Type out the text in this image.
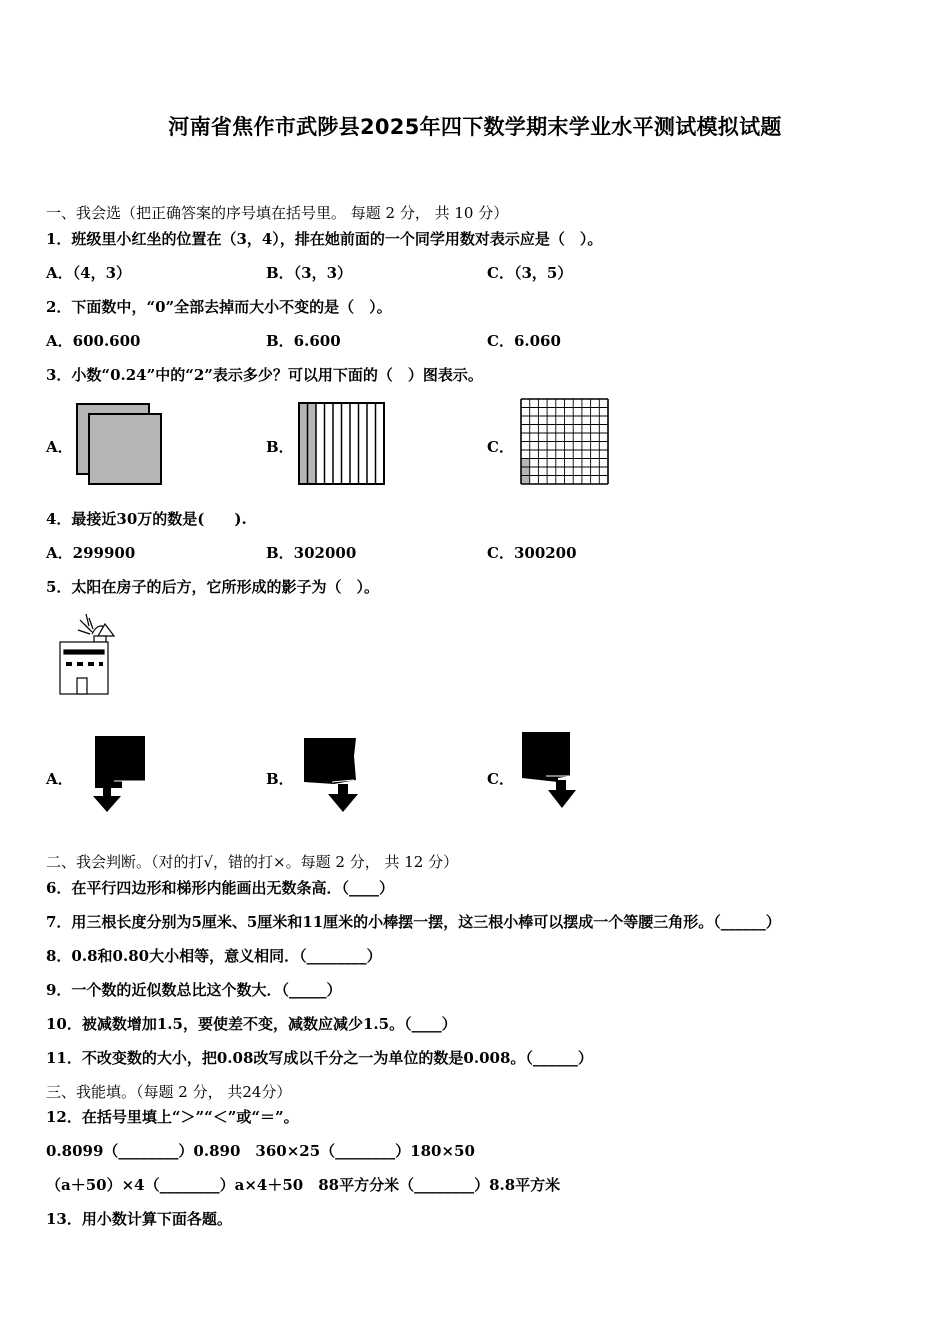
河南省焦作市武陟县2025年四下数学期末学业水平测试模拟试题
一、我会选（把正确答案的序号填在括号里。 每题 2 分， 共 10 分）
1．班级里小红坐的位置在（3，4），排在她前面的一个同学用数对表示应是（　）。
A．（4，3）	B．（3，3）	C．（3，5）
2．下面数中，“0”全部去掉而大小不变的是（　）。
A．600.600	B．6.600	C．6.060
3．小数“0.24”中的“2”表示多少？可以用下面的（　）图表示。
A．	B．	C．
4．最接近30万的数是(　　).
A．299900	B．302000	C．300200
5．太阳在房子的后方，它所形成的影子为（　）。
A．	B．	C．
二、我会判断。（对的打√，错的打×。每题 2 分， 共 12 分）
6．在平行四边形和梯形内能画出无数条高．（____）
7．用三根长度分别为5厘米、5厘米和11厘米的小棒摆一摆，这三根小棒可以摆成一个等腰三角形。（______）
8．0.8和0.80大小相等，意义相同．（________）
9．一个数的近似数总比这个数大．（_____）
10．被减数增加1.5，要使差不变，减数应减少1.5。（____）
11．不改变数的大小，把0.08改写成以千分之一为单位的数是0.008。（______）
三、我能填。（每题 2 分， 共24分）
12．在括号里填上“＞”“＜”或“＝”。
0.8099（________）0.890　360×25（________）180×50
（a＋50）×4（________）a×4＋50　88平方分米（________）8.8平方米
13．用小数计算下面各题。
